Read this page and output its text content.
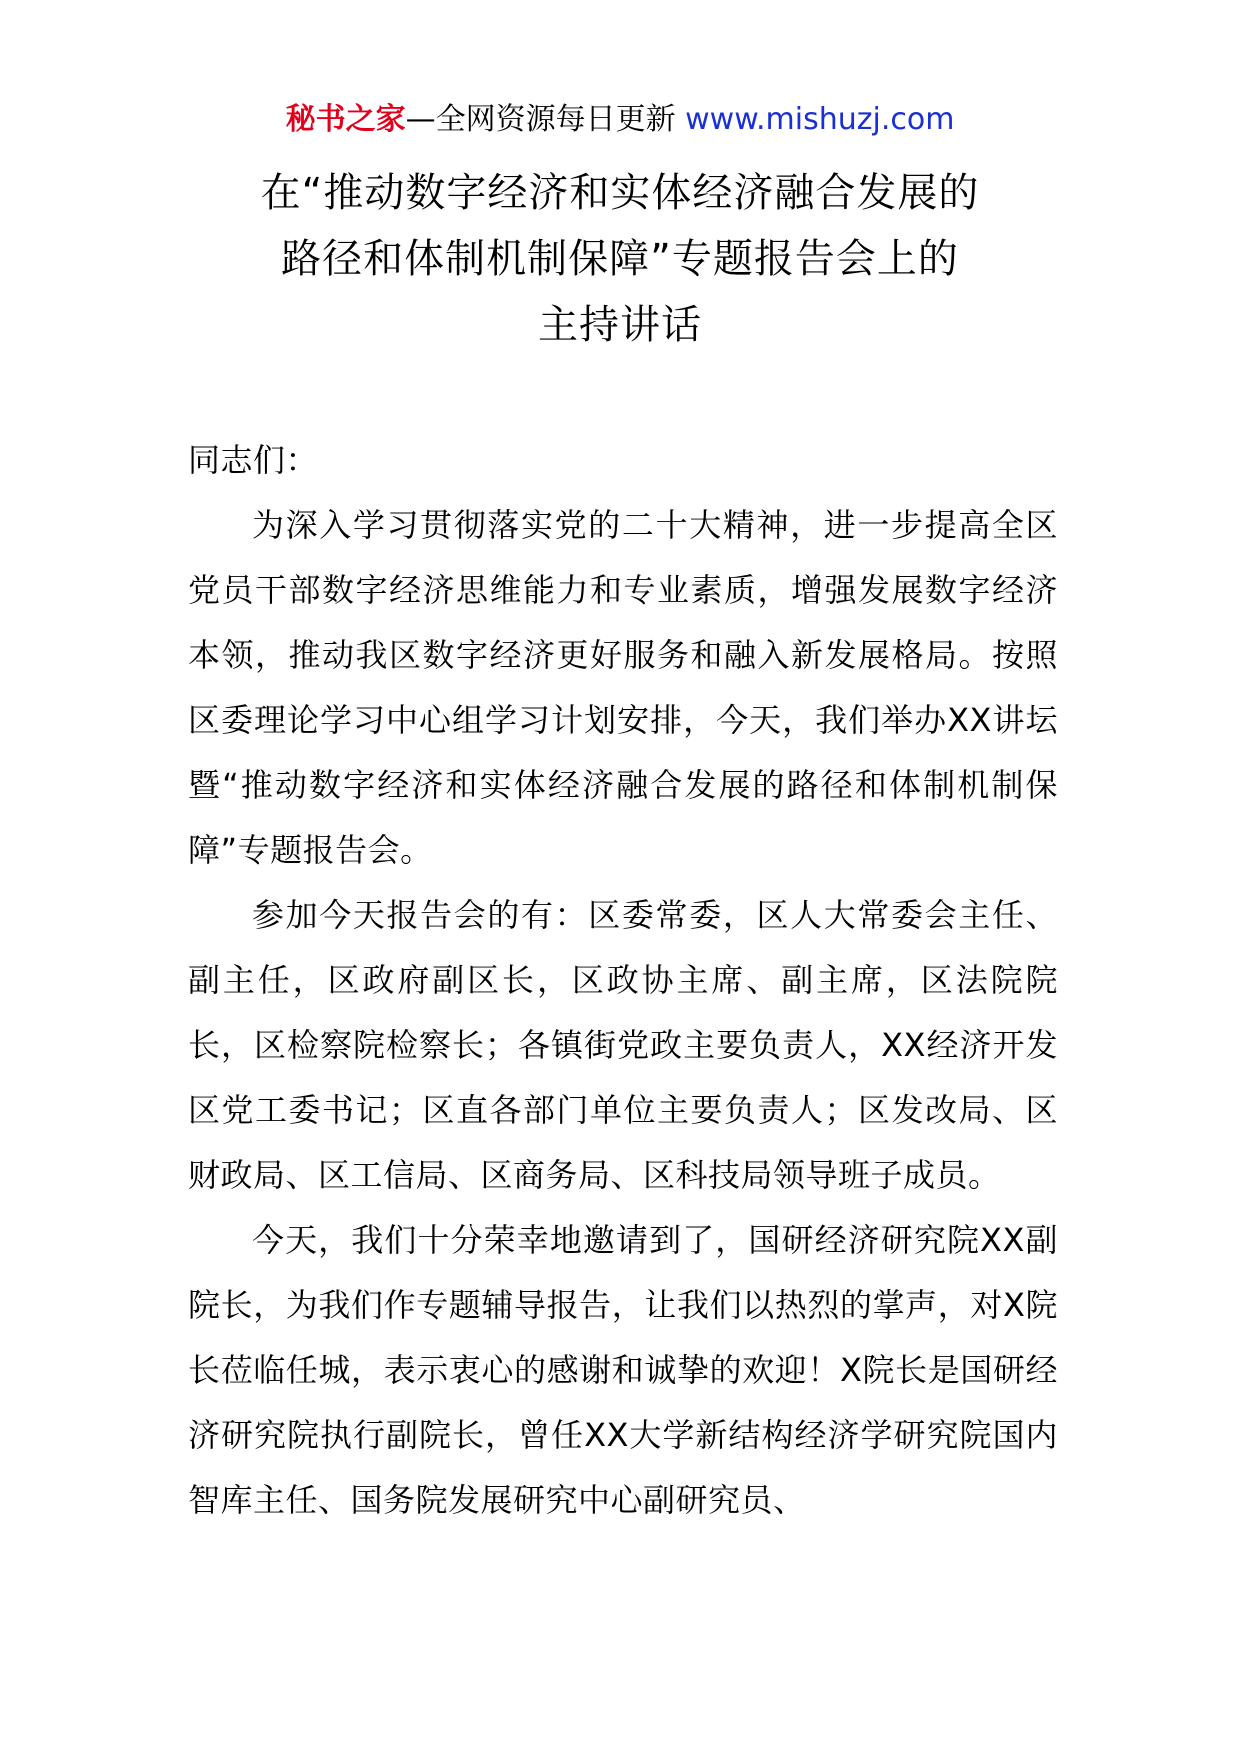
秘书之家—全网资源每日更新 www.mishuzj.com
在“推动数字经济和实体经济融合发展的
路径和体制机制保障”专题报告会上的
主持讲话

同志们：

为深入学习贯彻落实党的二十大精神，进一步提高全区党员干部数字经济思维能力和专业素质，增强发展数字经济本领，推动我区数字经济更好服务和融入新发展格局。按照区委理论学习中心组学习计划安排，今天，我们举办XX讲坛暨“推动数字经济和实体经济融合发展的路径和体制机制保障”专题报告会。

参加今天报告会的有：区委常委，区人大常委会主任、副主任，区政府副区长，区政协主席、副主席，区法院院长，区检察院检察长；各镇街党政主要负责人，XX经济开发区党工委书记；区直各部门单位主要负责人；区发改局、区财政局、区工信局、区商务局、区科技局领导班子成员。

今天，我们十分荣幸地邀请到了，国研经济研究院XX副院长，为我们作专题辅导报告，让我们以热烈的掌声，对X院长莅临任城，表示衷心的感谢和诚挚的欢迎！X院长是国研经济研究院执行副院长，曾任XX大学新结构经济学研究院国内智库主任、国务院发展研究中心副研究员、
